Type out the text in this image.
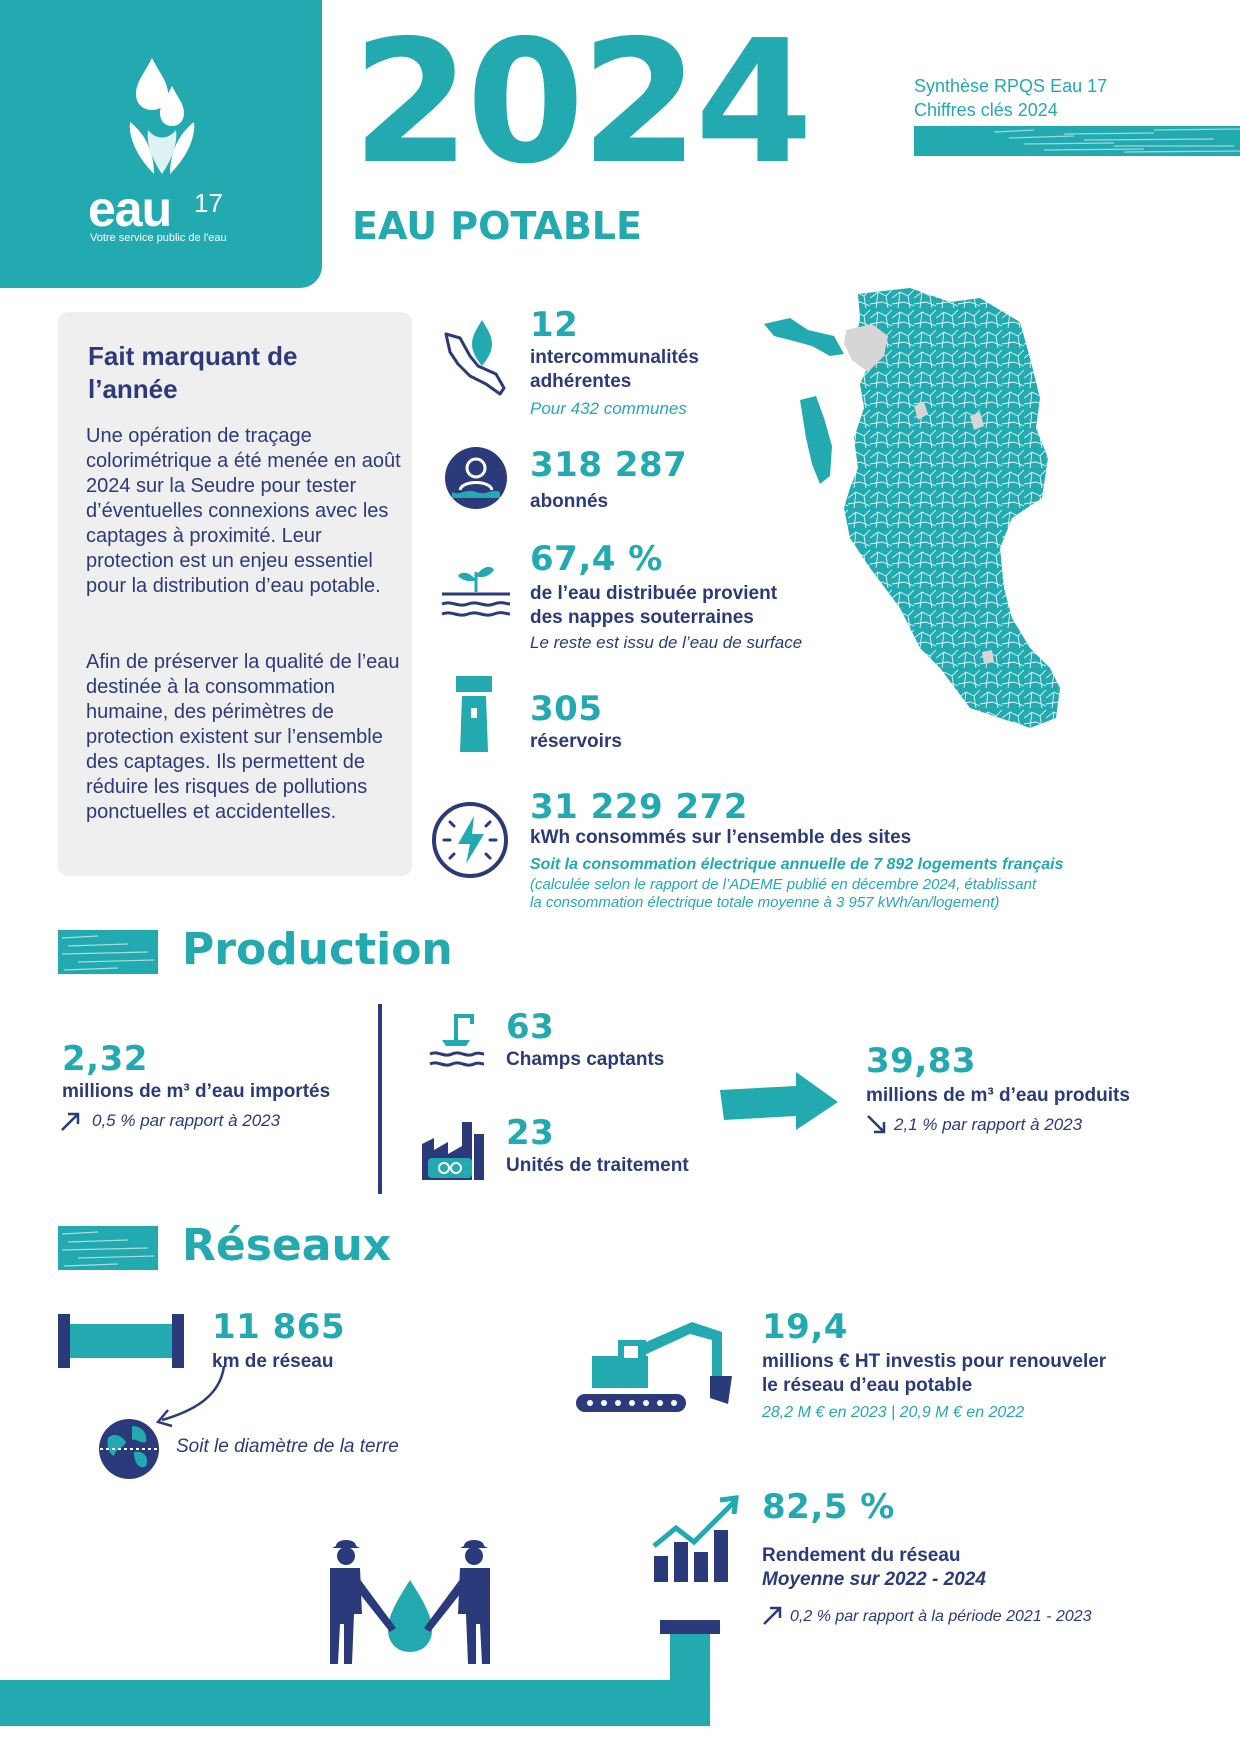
eau 17
Votre service public de l'eau
2024
EAU POTABLE
Synthèse RPQS Eau 17
Chiffres clés 2024
Fait marquant de l’année
Une opération de traçage colorimétrique a été menée en août 2024 sur la Seudre pour tester d’éventuelles connexions avec les captages à proximité. Leur protection est un enjeu essentiel pour la distribution d’eau potable.
Afin de préserver la qualité de l’eau destinée à la consommation humaine, des périmètres de protection existent sur l’ensemble des captages. Ils permettent de réduire les risques de pollutions ponctuelles et accidentelles.
12
intercommunalités
adhérentes
Pour 432 communes
318 287
abonnés
67,4 %
de l’eau distribuée provient
des nappes souterraines
Le reste est issu de l’eau de surface
305
réservoirs
31 229 272
kWh consommés sur l’ensemble des sites
Soit la consommation électrique annuelle de 7 892 logements français
(calculée selon le rapport de l’ADEME publié en décembre 2024, établissant
la consommation électrique totale moyenne à 3 957 kWh/an/logement)
Production
2,32
millions de m³ d’eau importés
0,5 % par rapport à 2023
63
Champs captants
23
Unités de traitement
39,83
millions de m³ d’eau produits
2,1 % par rapport à 2023
Réseaux
11 865
km de réseau
Soit le diamètre de la terre
19,4
millions € HT investis pour renouveler
le réseau d’eau potable
28,2 M € en 2023 | 20,9 M € en 2022
82,5 %
Rendement du réseau
Moyenne sur 2022 - 2024
0,2 % par rapport à la période 2021 - 2023
